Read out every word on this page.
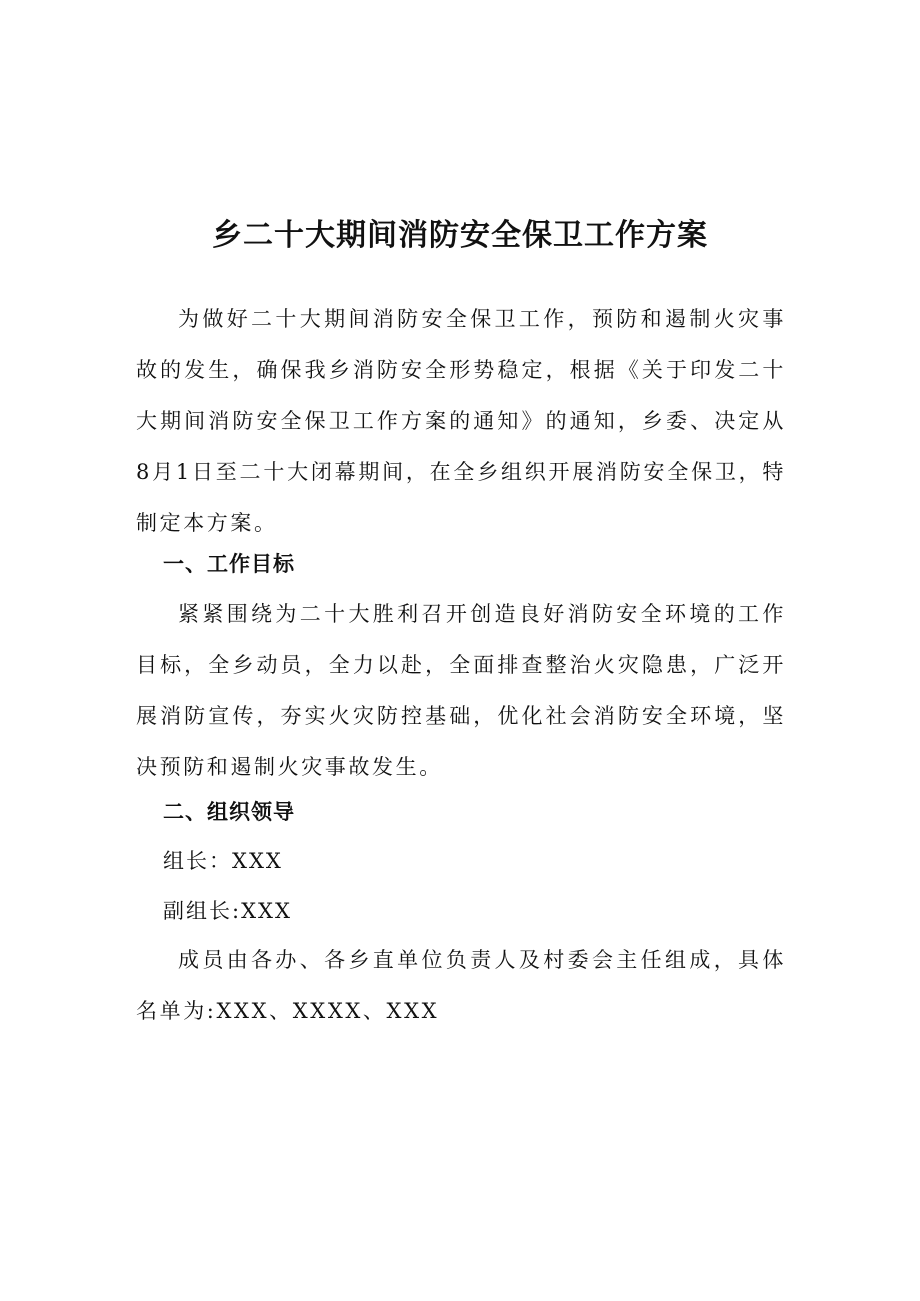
乡二十大期间消防安全保卫工作方案

为做好二十大期间消防安全保卫工作，预防和遏制火灾事故的发生，确保我乡消防安全形势稳定，根据《关于印发二十大期间消防安全保卫工作方案的通知》的通知，乡委、决定从8月1日至二十大闭幕期间，在全乡组织开展消防安全保卫，特制定本方案。

一、工作目标

紧紧围绕为二十大胜利召开创造良好消防安全环境的工作目标，全乡动员，全力以赴，全面排查整治火灾隐患，广泛开展消防宣传，夯实火灾防控基础，优化社会消防安全环境，坚决预防和遏制火灾事故发生。

二、组织领导

组长：XXX

副组长:XXX

成员由各办、各乡直单位负责人及村委会主任组成，具体名单为:XXX、XXXX、XXX
